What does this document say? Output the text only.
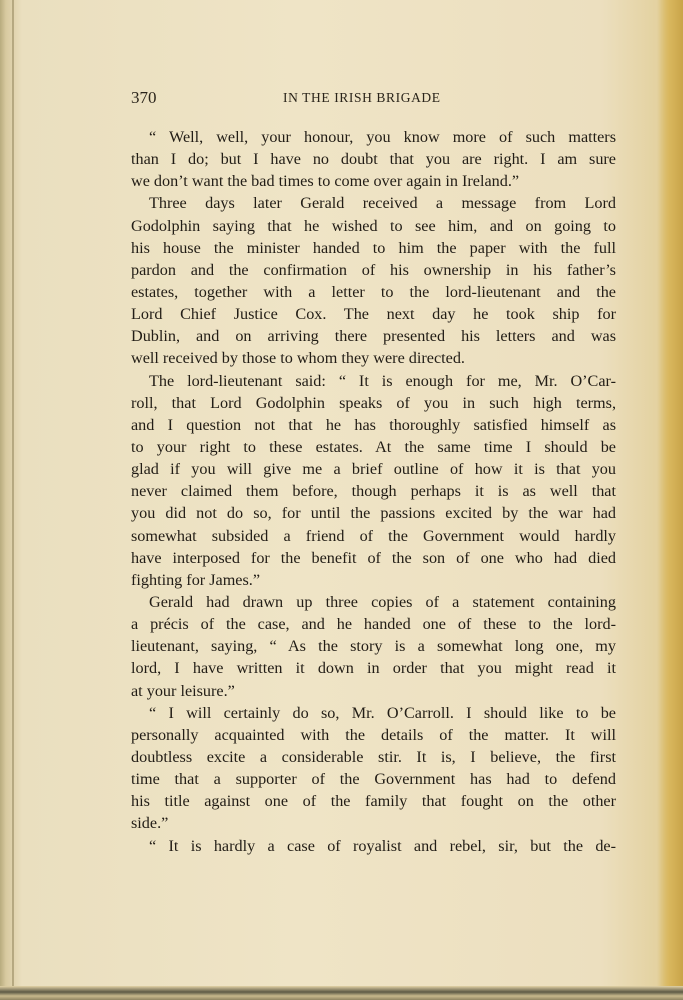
370	IN THE IRISH BRIGADE
“ Well, well, your honour, you know more of such matters
than I do; but I have no doubt that you are right. I am sure
we don’t want the bad times to come over again in Ireland.”
Three days later Gerald received a message from Lord
Godolphin saying that he wished to see him, and on going to
his house the minister handed to him the paper with the full
pardon and the confirmation of his ownership in his father’s
estates, together with a letter to the lord-lieutenant and the
Lord Chief Justice Cox. The next day he took ship for
Dublin, and on arriving there presented his letters and was
well received by those to whom they were directed.
The lord-lieutenant said: “ It is enough for me, Mr. O’Car-
roll, that Lord Godolphin speaks of you in such high terms,
and I question not that he has thoroughly satisfied himself as
to your right to these estates. At the same time I should be
glad if you will give me a brief outline of how it is that you
never claimed them before, though perhaps it is as well that
you did not do so, for until the passions excited by the war had
somewhat subsided a friend of the Government would hardly
have interposed for the benefit of the son of one who had died
fighting for James.”
Gerald had drawn up three copies of a statement containing
a précis of the case, and he handed one of these to the lord-
lieutenant, saying, “ As the story is a somewhat long one, my
lord, I have written it down in order that you might read it
at your leisure.”
“ I will certainly do so, Mr. O’Carroll. I should like to be
personally acquainted with the details of the matter. It will
doubtless excite a considerable stir. It is, I believe, the first
time that a supporter of the Government has had to defend
his title against one of the family that fought on the other
side.”
“ It is hardly a case of royalist and rebel, sir, but the de-
